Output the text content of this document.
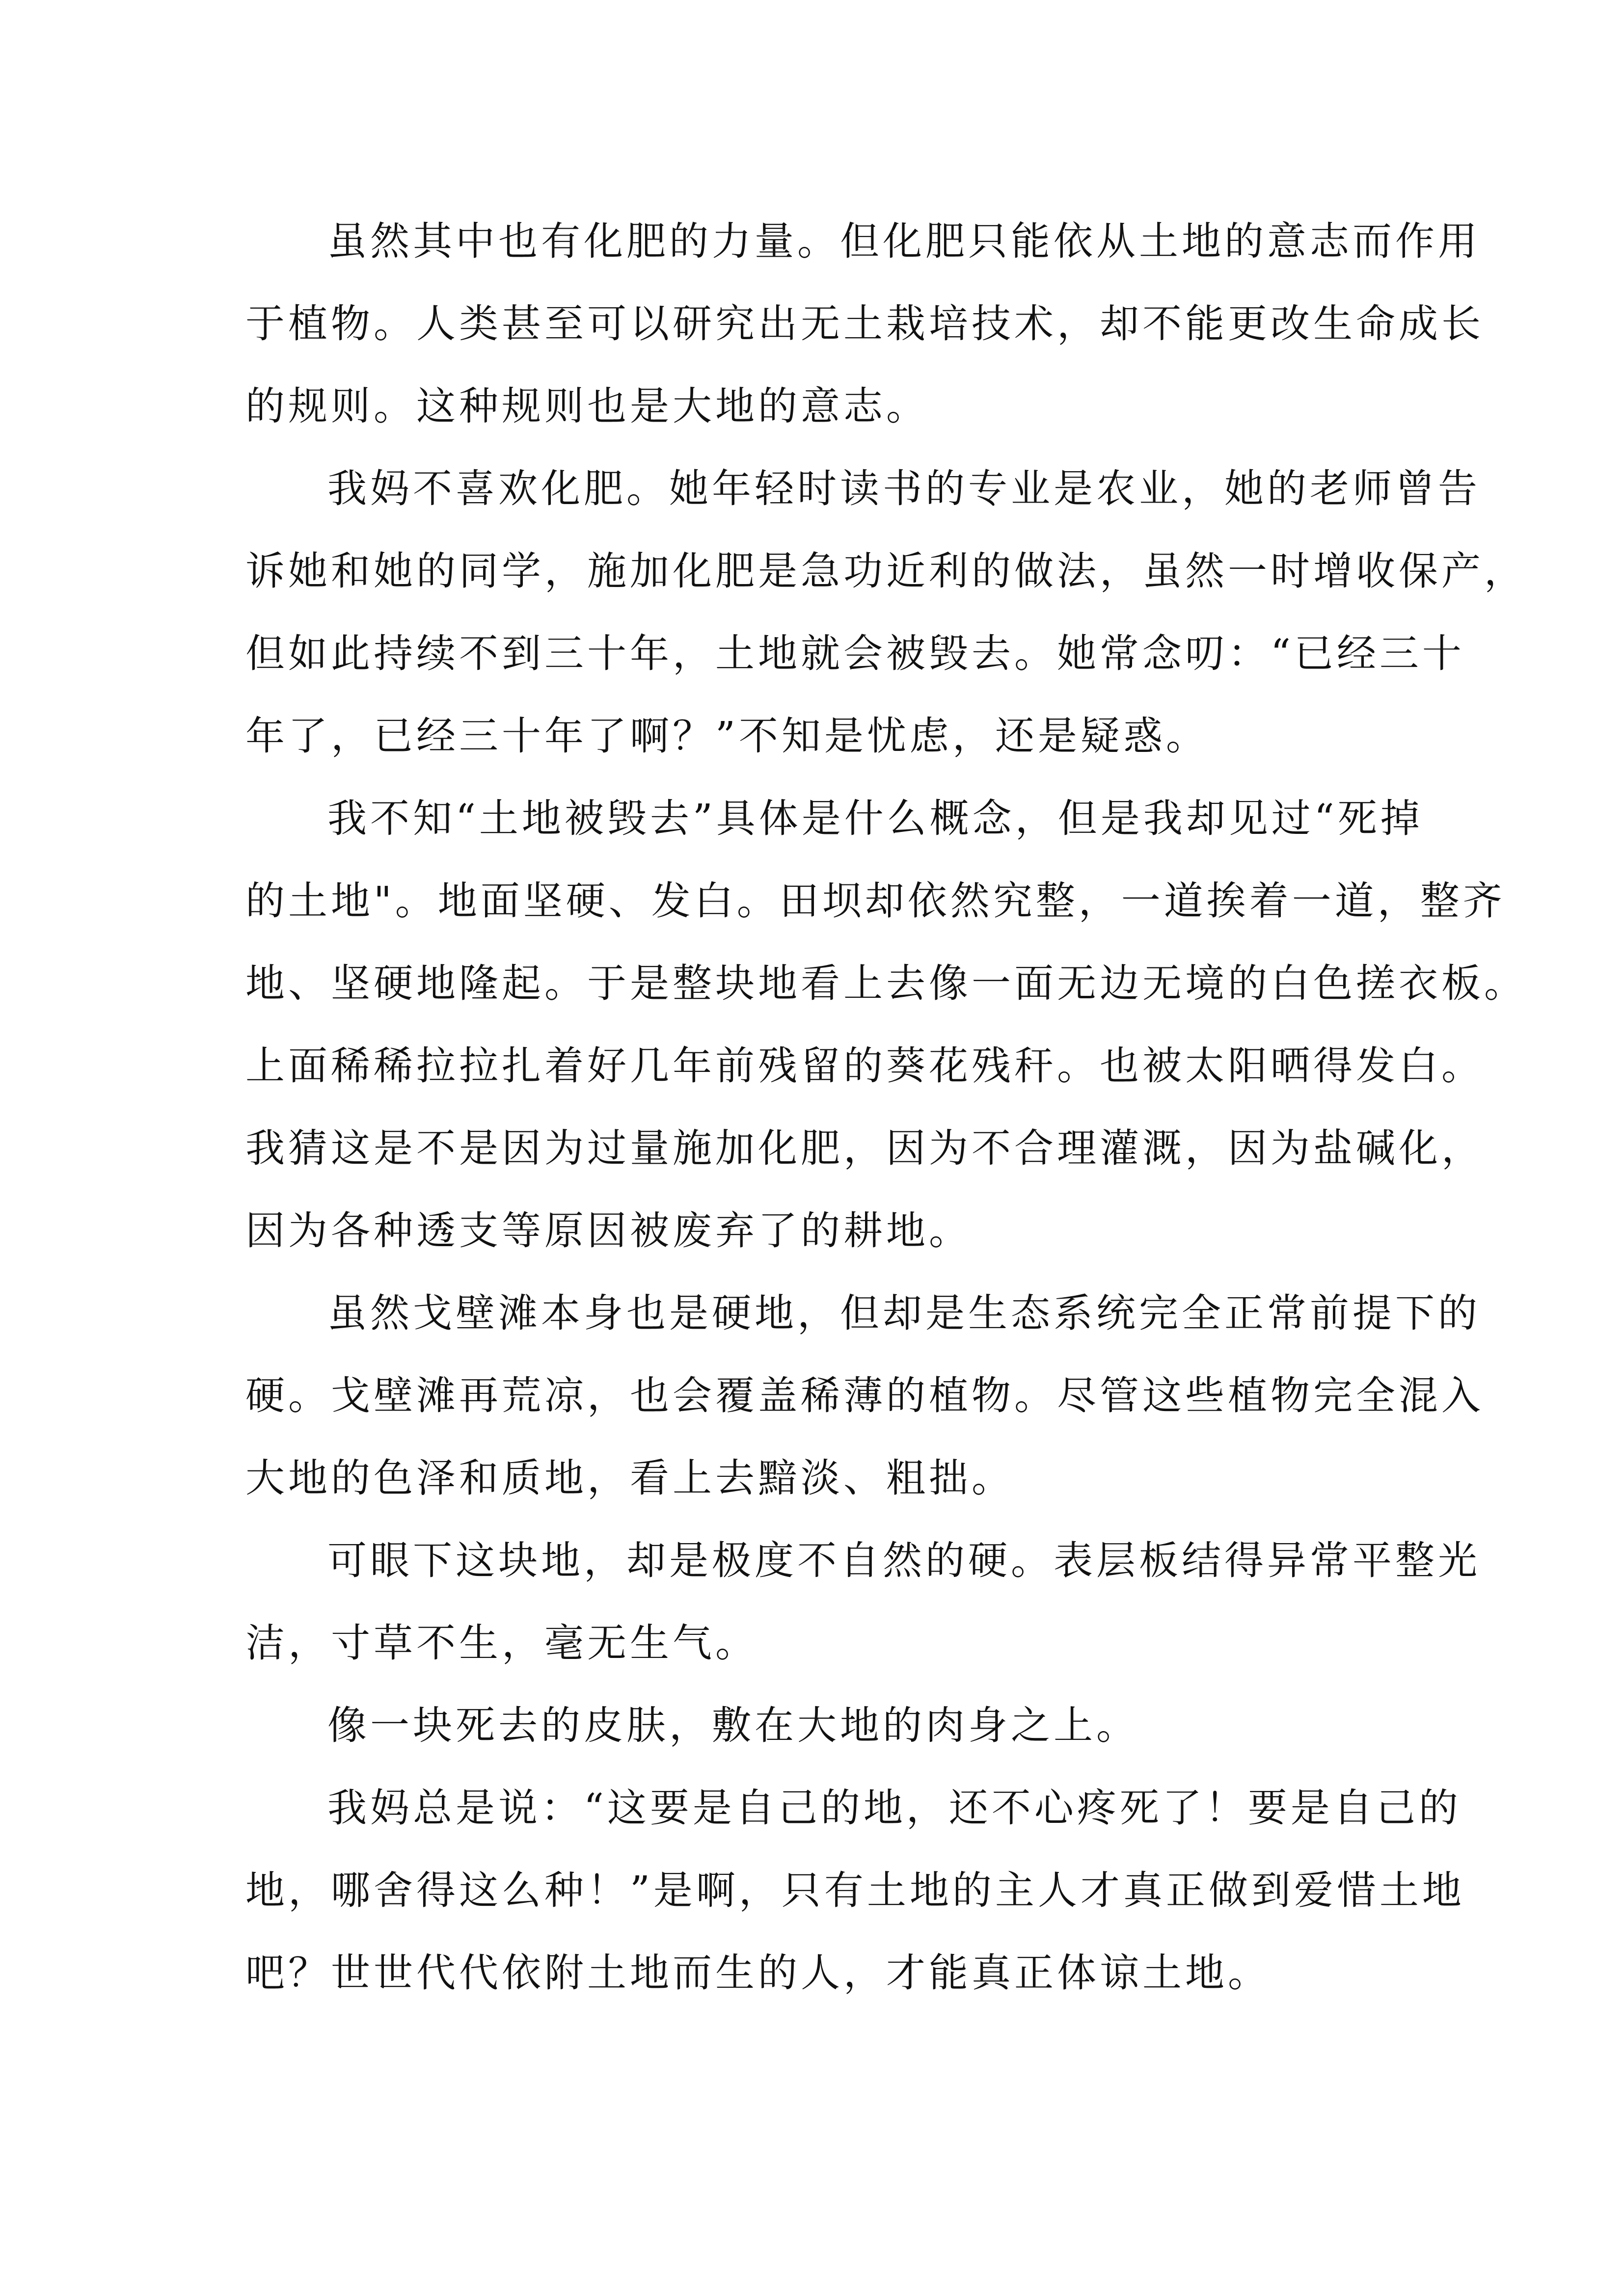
虽然其中也有化肥的力量。但化肥只能依从土地的意志而作用
于植物。人类甚至可以研究出无土栽培技术，却不能更改生命成长
的规则。这种规则也是大地的意志。
我妈不喜欢化肥。她年轻时读书的专业是农业，她的老师曾告
诉她和她的同学，施加化肥是急功近利的做法，虽然一时增收保产，
但如此持续不到三十年，土地就会被毁去。她常念叨：“已经三十
年了，已经三十年了啊？”不知是忧虑，还是疑惑。
我不知“土地被毁去”具体是什么概念，但是我却见过“死掉
的土地"。地面坚硬、发白。田坝却依然究整，一道挨着一道，整齐
地、坚硬地隆起。于是整块地看上去像一面无边无境的白色搓衣板。
上面稀稀拉拉扎着好几年前残留的葵花残秆。也被太阳晒得发白。
我猜这是不是因为过量施加化肥，因为不合理灌溉，因为盐碱化，
因为各种透支等原因被废弃了的耕地。
虽然戈壁滩本身也是硬地，但却是生态系统完全正常前提下的
硬。戈壁滩再荒凉，也会覆盖稀薄的植物。尽管这些植物完全混入
大地的色泽和质地，看上去黯淡、粗拙。
可眼下这块地，却是极度不自然的硬。表层板结得异常平整光
洁，寸草不生，毫无生气。
像一块死去的皮肤，敷在大地的肉身之上。
我妈总是说：“这要是自己的地，还不心疼死了！要是自己的
地，哪舍得这么种！”是啊，只有土地的主人才真正做到爱惜土地
吧？世世代代依附土地而生的人，才能真正体谅土地。
